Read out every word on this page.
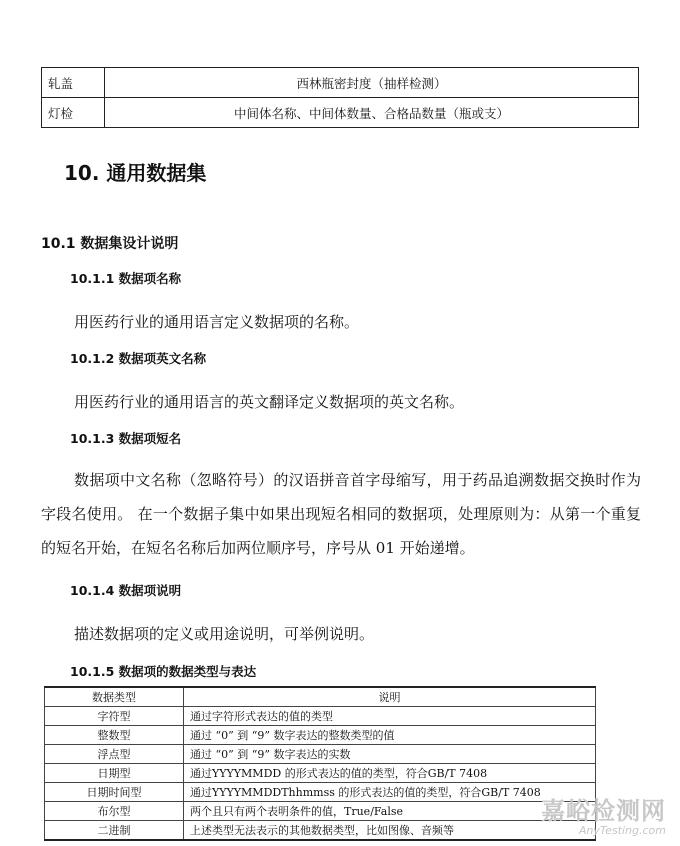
轧盖	西林瓶密封度（抽样检测）
灯检	中间体名称、中间体数量、合格品数量（瓶或支）
10. 通用数据集
10.1 数据集设计说明
10.1.1 数据项名称
用医药行业的通用语言定义数据项的名称。
10.1.2 数据项英文名称
用医药行业的通用语言的英文翻译定义数据项的英文名称。
10.1.3 数据项短名
数据项中文名称（忽略符号）的汉语拼音首字母缩写，用于药品追溯数据交换时作为字段名使用。 在一个数据子集中如果出现短名相同的数据项，处理原则为：从第一个重复的短名开始，在短名名称后加两位顺序号，序号从 01 开始递增。
10.1.4 数据项说明
描述数据项的定义或用途说明，可举例说明。
10.1.5 数据项的数据类型与表达
数据类型	说明
字符型	通过字符形式表达的值的类型
整数型	通过 “0” 到 “9” 数字表达的整数类型的值
浮点型	通过 “0” 到 “9” 数字表达的实数
日期型	通过YYYYMMDD 的形式表达的值的类型，符合GB/T 7408
日期时间型	通过YYYYMMDDThhmmss 的形式表达的值的类型，符合GB/T 7408
布尔型	两个且只有两个表明条件的值，True/False
二进制	上述类型无法表示的其他数据类型，比如图像、音频等
嘉峪检测网
AnyTesting.com
